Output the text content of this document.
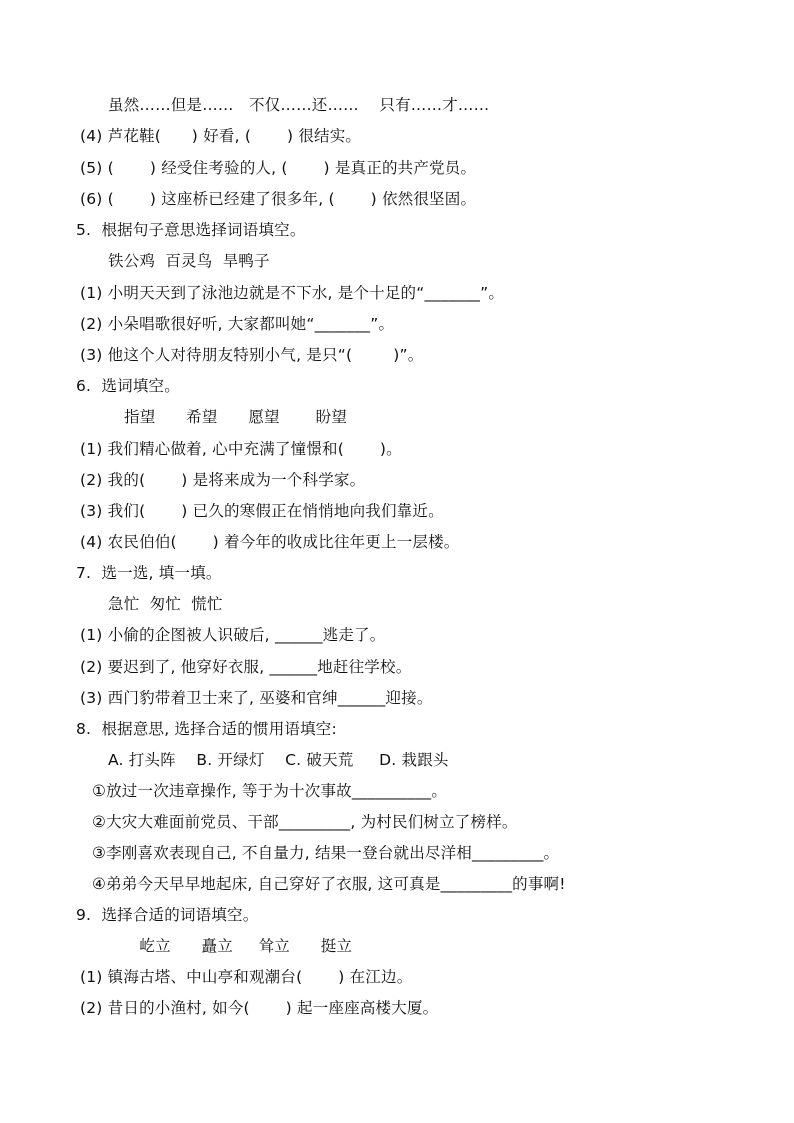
虽然……但是……   不仅……还……    只有……才……
(4) 芦花鞋(      ) 好看, (       ) 很结实。
(5) (       ) 经受住考验的人, (       ) 是真正的共产党员。
(6) (       ) 这座桥已经建了很多年, (       ) 依然很坚固。
5.  根据句子意思选择词语填空。
铁公鸡  百灵鸟  旱鸭子
(1) 小明天天到了泳池边就是不下水, 是个十足的“_______”。
(2) 小朵唱歌很好听, 大家都叫她“_______”。
(3) 他这个人对待朋友特别小气, 是只“(        )”。
6.  选词填空。
指望      希望      愿望       盼望
(1) 我们精心做着, 心中充满了憧憬和(       )。
(2) 我的(       ) 是将来成为一个科学家。
(3) 我们(       ) 已久的寒假正在悄悄地向我们靠近。
(4) 农民伯伯(       ) 着今年的收成比往年更上一层楼。
7.  选一选, 填一填。
急忙  匆忙  慌忙
(1) 小偷的企图被人识破后, ______逃走了。
(2) 要迟到了, 他穿好衣服, ______地赶往学校。
(3) 西门豹带着卫士来了, 巫婆和官绅______迎接。
8.  根据意思, 选择合适的惯用语填空:
A. 打头阵    B. 开绿灯    C. 破天荒     D. 栽跟头
①放过一次违章操作, 等于为十次事故__________。
②大灾大难面前党员、干部_________, 为村民们树立了榜样。
③李刚喜欢表现自己, 不自量力, 结果一登台就出尽洋相_________。
④弟弟今天早早地起床, 自己穿好了衣服, 这可真是_________的事啊!
9.  选择合适的词语填空。
屹立      矗立     耸立      挺立
(1) 镇海古塔、中山亭和观潮台(       ) 在江边。
(2) 昔日的小渔村, 如今(       ) 起一座座高楼大厦。
